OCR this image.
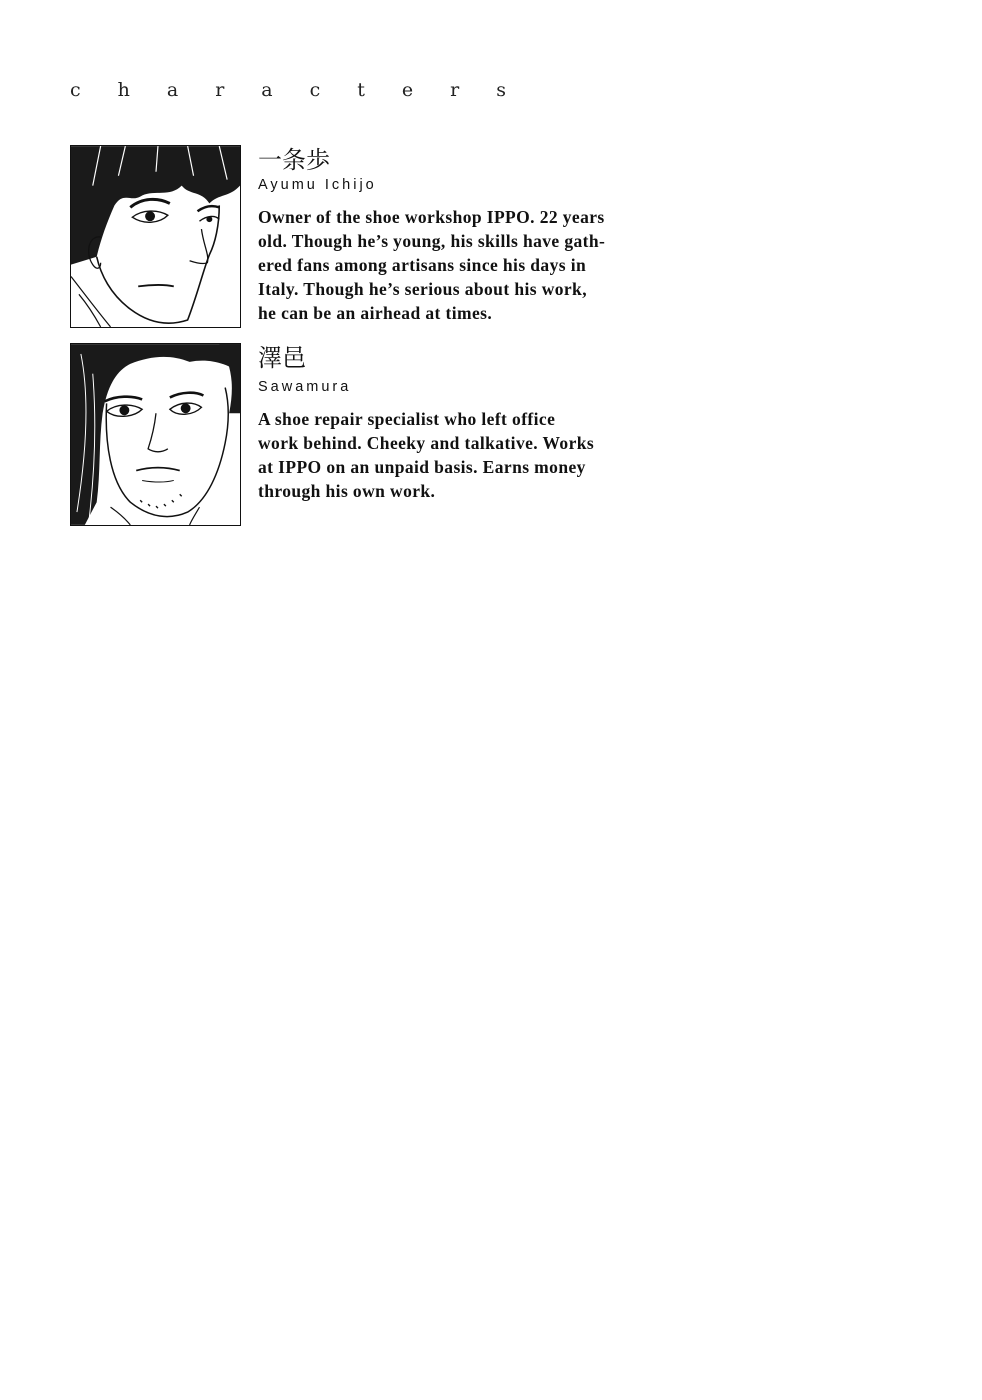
characters

一条歩

Ayumu Ichijo

Owner of the shoe workshop IPPO. 22 years
old. Though he’s young, his skills have gath-
ered fans among artisans since his days in
Italy. Though he’s serious about his work,
he can be an airhead at times.

澤邑

Sawamura

A shoe repair specialist who left office
work behind. Cheeky and talkative. Works
at IPPO on an unpaid basis. Earns money
through his own work.
